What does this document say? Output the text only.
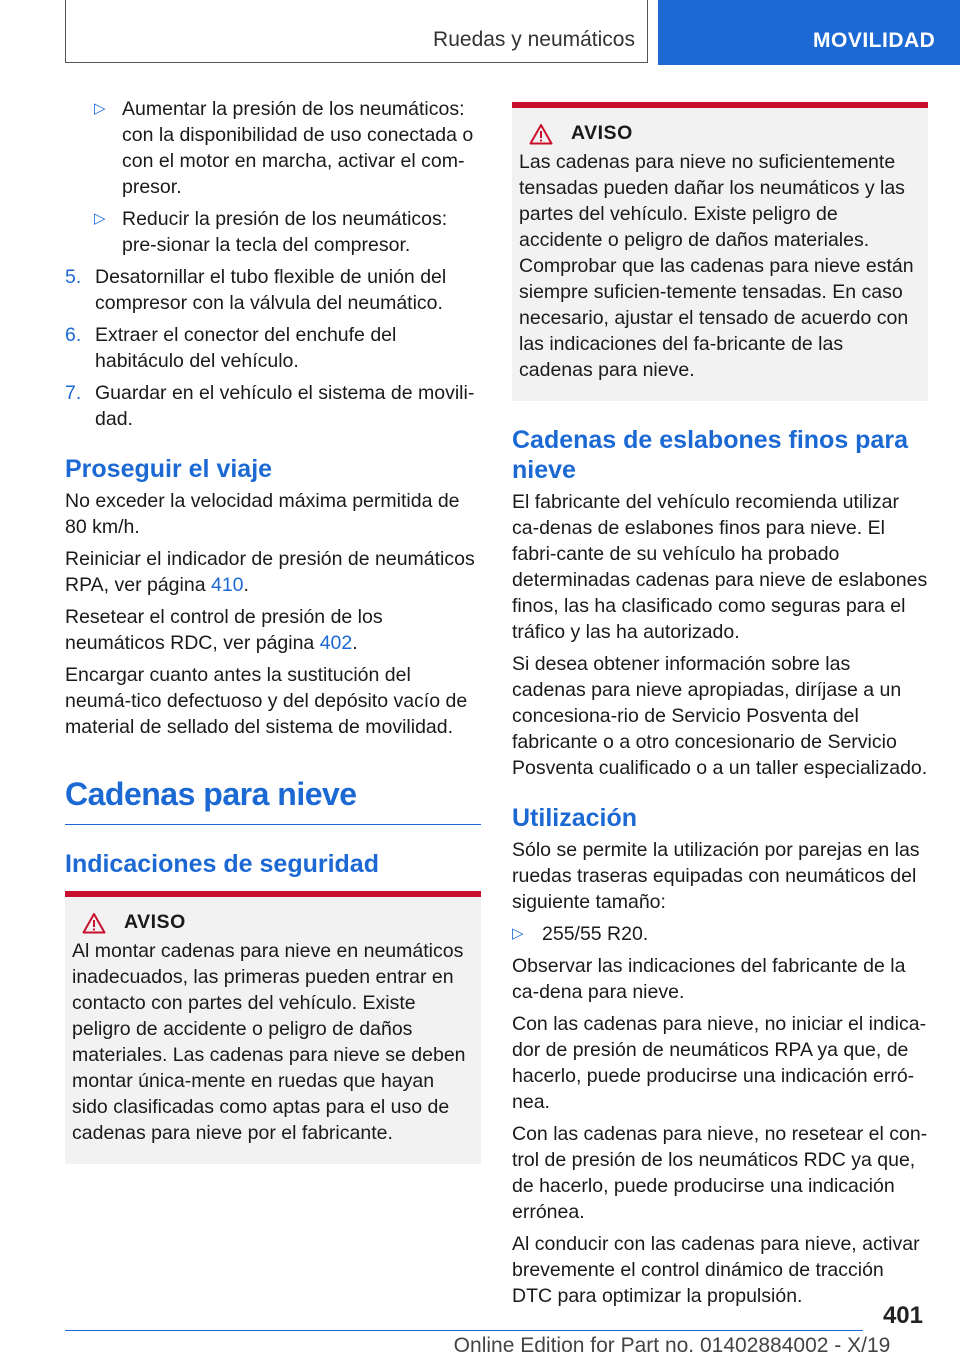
Ruedas y neumáticos	MOVILIDAD
▷ Aumentar la presión de los neumáticos: con la disponibilidad de uso conectada o con el motor en marcha, activar el com-presor.
▷ Reducir la presión de los neumáticos: pre-sionar la tecla del compresor.
5. Desatornillar el tubo flexible de unión del compresor con la válvula del neumático.
6. Extraer el conector del enchufe del habitáculo del vehículo.
7. Guardar en el vehículo el sistema de movili-dad.
Proseguir el viaje

No exceder la velocidad máxima permitida de 80 km/h.

Reiniciar el indicador de presión de neumáticos RPA, ver página 410.

Resetear el control de presión de los neumáticos RDC, ver página 402.

Encargar cuanto antes la sustitución del neumá-tico defectuoso y del depósito vacío de material de sellado del sistema de movilidad.

Cadenas para nieve
Indicaciones de seguridad
AVISO

Al montar cadenas para nieve en neumáticos inadecuados, las primeras pueden entrar en contacto con partes del vehículo. Existe peligro de accidente o peligro de daños materiales. Las cadenas para nieve se deben montar única-mente en ruedas que hayan sido clasificadas como aptas para el uso de cadenas para nieve por el fabricante.

AVISO

Las cadenas para nieve no suficientemente tensadas pueden dañar los neumáticos y las partes del vehículo. Existe peligro de accidente o peligro de daños materiales. Comprobar que las cadenas para nieve están siempre suficien-temente tensadas. En caso necesario, ajustar el tensado de acuerdo con las indicaciones del fa-bricante de las cadenas para nieve.

Cadenas de eslabones finos para nieve

El fabricante del vehículo recomienda utilizar ca-denas de eslabones finos para nieve. El fabri-cante de su vehículo ha probado determinadas cadenas para nieve de eslabones finos, las ha clasificado como seguras para el tráfico y las ha autorizado.

Si desea obtener información sobre las cadenas para nieve apropiadas, diríjase a un concesiona-rio de Servicio Posventa del fabricante o a otro concesionario de Servicio Posventa cualificado o a un taller especializado.

Utilización

Sólo se permite la utilización por parejas en las ruedas traseras equipadas con neumáticos del siguiente tamaño:

▷ 255/55 R20.

Observar las indicaciones del fabricante de la ca-dena para nieve.

Con las cadenas para nieve, no iniciar el indica-dor de presión de neumáticos RPA ya que, de hacerlo, puede producirse una indicación erró-nea.

Con las cadenas para nieve, no resetear el con-trol de presión de los neumáticos RDC ya que, de hacerlo, puede producirse una indicación errónea.

Al conducir con las cadenas para nieve, activar brevemente el control dinámico de tracción DTC para optimizar la propulsión.

401
Online Edition for Part no. 01402884002 - X/19
